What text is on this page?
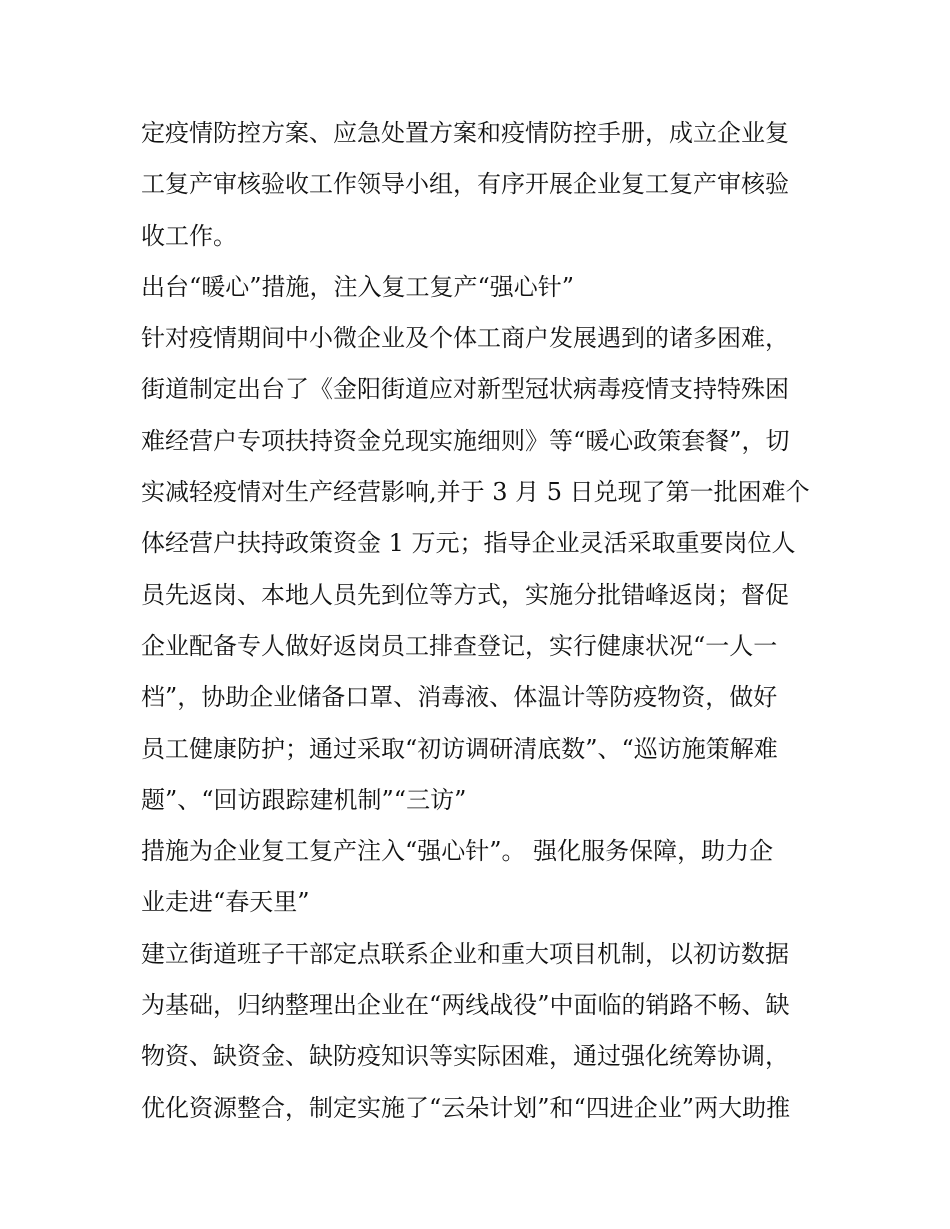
定疫情防控方案、应急处置方案和疫情防控手册，成立企业复
工复产审核验收工作领导小组，有序开展企业复工复产审核验
收工作。
出台“暖心”措施，注入复工复产“强心针”
针对疫情期间中小微企业及个体工商户发展遇到的诸多困难，
街道制定出台了《金阳街道应对新型冠状病毒疫情支持特殊困
难经营户专项扶持资金兑现实施细则》等“暖心政策套餐”，切
实减轻疫情对生产经营影响,并于 3 月 5 日兑现了第一批困难个
体经营户扶持政策资金 1 万元；指导企业灵活采取重要岗位人
员先返岗、本地人员先到位等方式，实施分批错峰返岗；督促
企业配备专人做好返岗员工排查登记，实行健康状况“一人一
档”，协助企业储备口罩、消毒液、体温计等防疫物资，做好
员工健康防护；通过采取“初访调研清底数”、“巡访施策解难
题”、“回访跟踪建机制”“三访”
措施为企业复工复产注入“强心针”。 强化服务保障，助力企
业走进“春天里”
建立街道班子干部定点联系企业和重大项目机制，以初访数据
为基础，归纳整理出企业在“两线战役”中面临的销路不畅、缺
物资、缺资金、缺防疫知识等实际困难，通过强化统筹协调，
优化资源整合，制定实施了“云朵计划”和“四进企业”两大助推
